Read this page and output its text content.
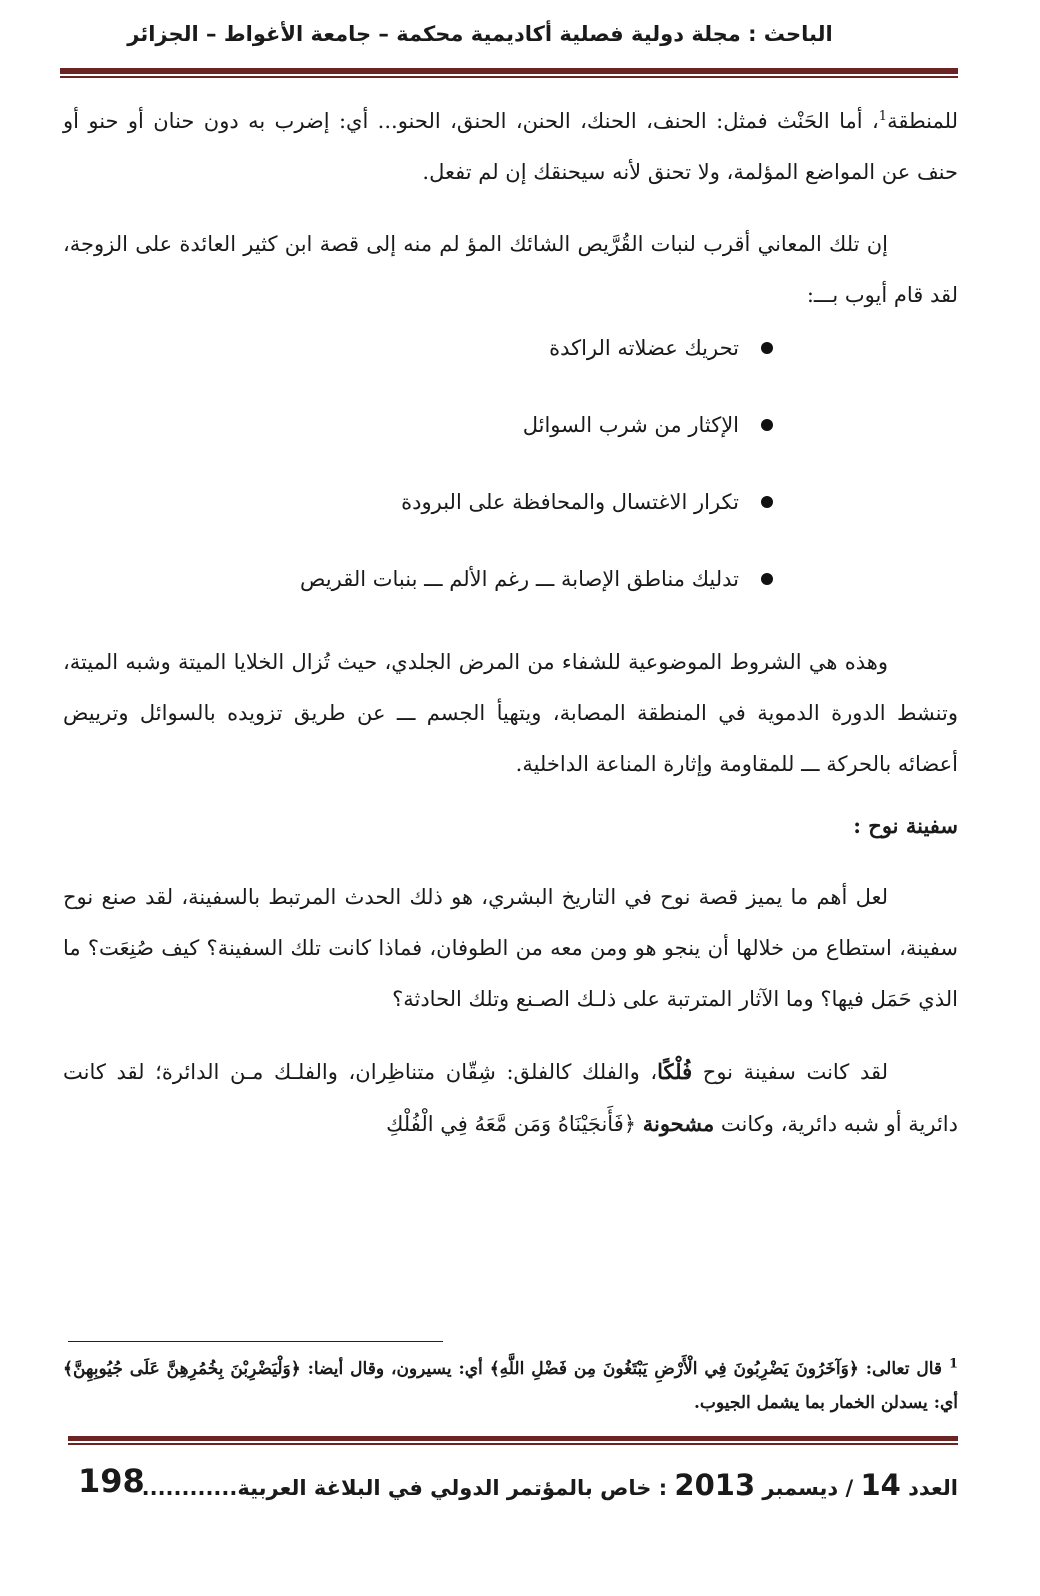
الباحث : مجلة دولية فصلية أكاديمية محكمة – جامعة الأغواط – الجزائر

للمنطقة$^1$، أما الحَنْث فمثل: الحنف، الحنك، الحنن، الحنق، الحنو... أي: إضرب به دون حنان أو حنو أو حنف عن المواضع المؤلمة، ولا تحنق لأنه سيحنقك إن لم تفعل.

إن تلك المعاني أقرب لنبات القُرَّيص الشائك المؤ لم منه إلى قصة ابن كثير العائدة على الزوجة، لقد قام أيوب بـــ:

تحريك عضلاته الراكدة
الإكثار من شرب السوائل
تكرار الاغتسال والمحافظة على البرودة
تدليك مناطق الإصابة ـــ رغم الألم ـــ بنبات القريص

وهذه هي الشروط الموضوعية للشفاء من المرض الجلدي، حيث تُزال الخلايا الميتة وشبه الميتة، وتنشط الدورة الدموية في المنطقة المصابة، ويتهيأ الجسم ـــ عن طريق تزويده بالسوائل وترييض أعضائه بالحركة ـــ للمقاومة وإثارة المناعة الداخلية.

سفينة نوح :

لعل أهم ما يميز قصة نوح في التاريخ البشري، هو ذلك الحدث المرتبط بالسفينة، لقد صنع نوح سفينة، استطاع من خلالها أن ينجو هو ومن معه من الطوفان، فماذا كانت تلك السفينة؟ كيف صُنِعَت؟ ما الذي حَمَل فيها؟ وما الآثار المترتبة على ذلـك الصـنع وتلك الحادثة؟

لقد كانت سفينة نوح فُلْكًا، والفلك كالفلق: شِقّان متناظِران، والفلـك مـن الدائرة؛ لقد كانت دائرية أو شبه دائرية، وكانت مشحونة ﴿فَأَنجَيْنَاهُ وَمَن مَّعَهُ فِي الْفُلْكِ

$^1$ قال تعالى: ﴿وَآخَرُونَ يَضْرِبُونَ فِي الْأَرْضِ يَبْتَغُونَ مِن فَضْلِ اللَّهِ﴾ أي: يسيرون، وقال أيضا: ﴿وَلْيَضْرِبْنَ بِخُمُرِهِنَّ عَلَى جُيُوبِهِنَّ﴾ أي: يسدلن الخمار بما يشمل الجيوب.
العدد 14 / ديسمبر 2013 : خاص بالمؤتمر الدولي في البلاغة العربية............
198
